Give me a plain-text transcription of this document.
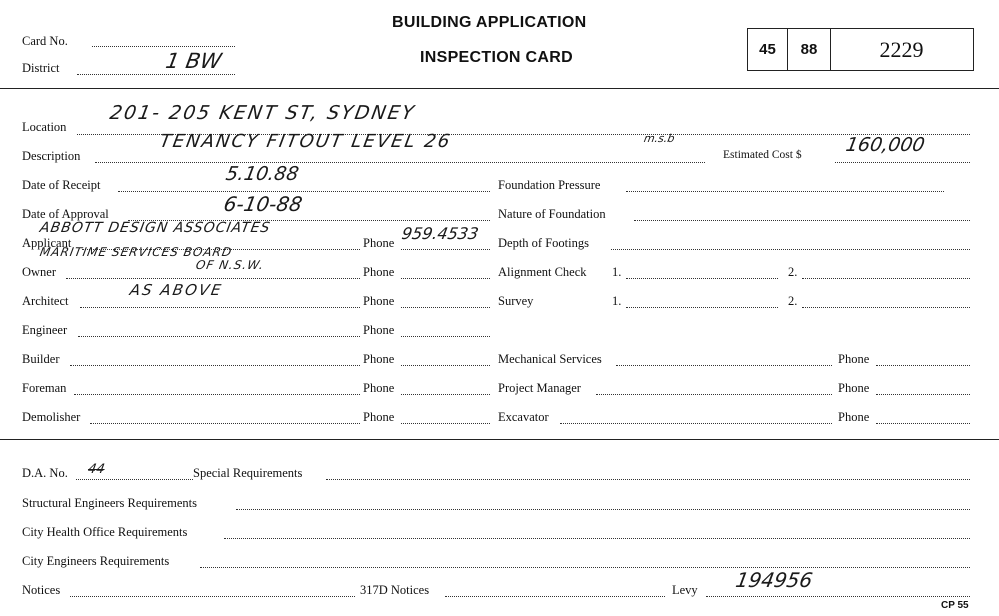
Card No.
District	1 BW
BUILDING APPLICATION
INSPECTION CARD	45	88	2229
Location
201- 205 KENT ST, SYDNEY
Description
TENANCY FITOUT LEVEL 26	m.s.b
Estimated Cost $ 160,000
Date of Receipt	5.10.88	Foundation Pressure
Date of Approval	6-10-88	Nature of Foundation
Applicant
ABBOTT DESIGN ASSOCIATES
Phone 959.4533 Depth of Footings
Owner
MARITIME SERVICES BOARD
OF N.S.W.	Phone	Alignment Check 1.	2.
Architect
AS ABOVE
Phone	Survey	1.	2.
Engineer	Phone
Builder	Phone	Mechanical Services	Phone
Foreman	Phone	Project Manager	Phone
Demolisher	Phone	Excavator	Phone
D.A. No. 44	Special Requirements
Structural Engineers Requirements
City Health Office Requirements
City Engineers Requirements
Notices	317D Notices	Levy 194956
CP 55
